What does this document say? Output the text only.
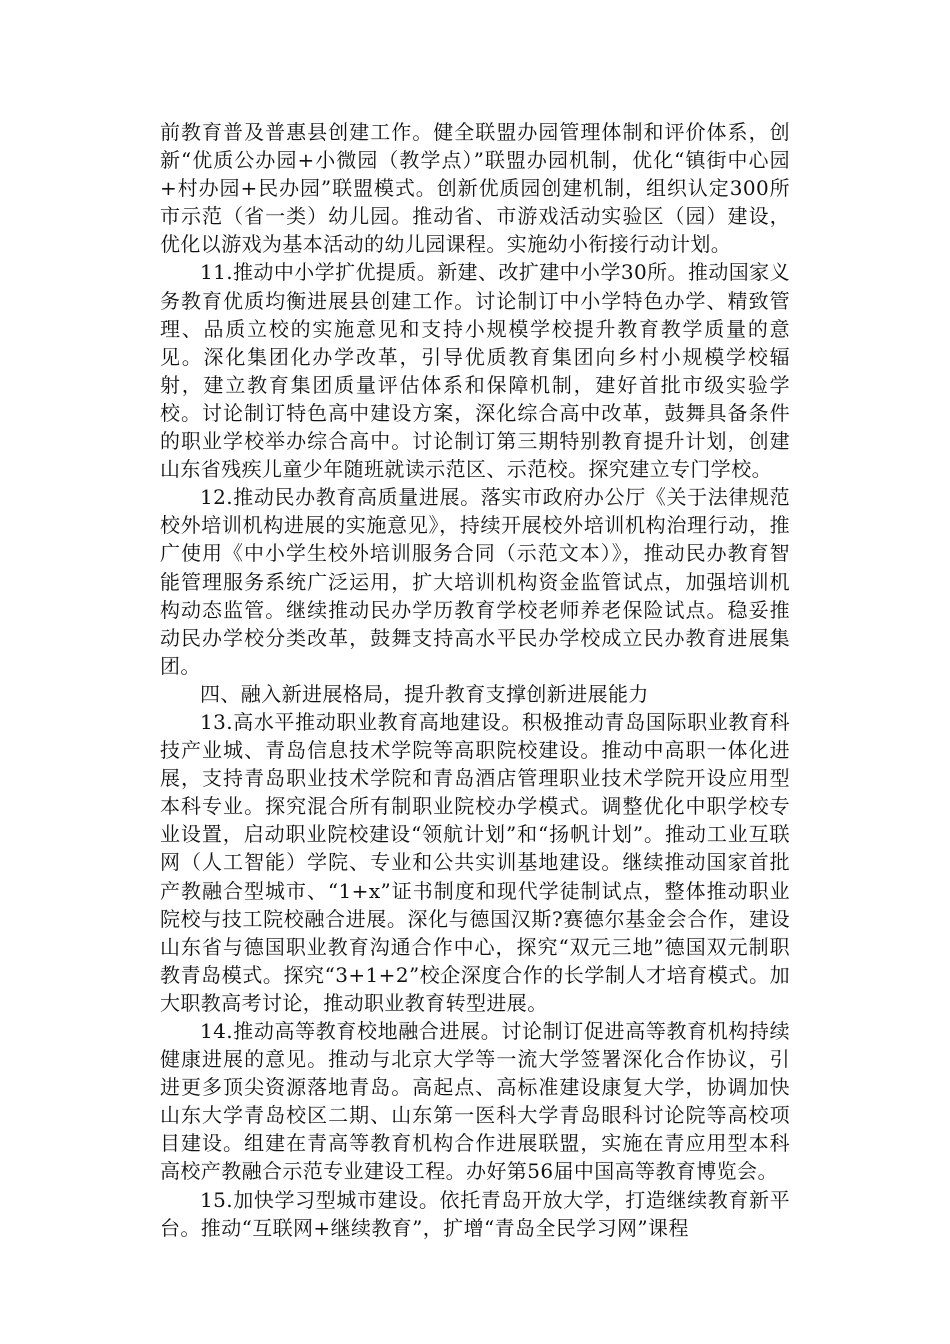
前教育普及普惠县创建工作。健全联盟办园管理体制和评价体系，创新“优质公办园+小微园（教学点）”联盟办园机制，优化“镇街中心园+村办园+民办园”联盟模式。创新优质园创建机制，组织认定300所市示范（省一类）幼儿园。推动省、市游戏活动实验区（园）建设，优化以游戏为基本活动的幼儿园课程。实施幼小衔接行动计划。

11.推动中小学扩优提质。新建、改扩建中小学30所。推动国家义务教育优质均衡进展县创建工作。讨论制订中小学特色办学、精致管理、品质立校的实施意见和支持小规模学校提升教育教学质量的意见。深化集团化办学改革，引导优质教育集团向乡村小规模学校辐射，建立教育集团质量评估体系和保障机制，建好首批市级实验学校。讨论制订特色高中建设方案，深化综合高中改革，鼓舞具备条件的职业学校举办综合高中。讨论制订第三期特别教育提升计划，创建山东省残疾儿童少年随班就读示范区、示范校。探究建立专门学校。

12.推动民办教育高质量进展。落实市政府办公厅《关于法律规范校外培训机构进展的实施意见》，持续开展校外培训机构治理行动，推广使用《中小学生校外培训服务合同（示范文本）》，推动民办教育智能管理服务系统广泛运用，扩大培训机构资金监管试点，加强培训机构动态监管。继续推动民办学历教育学校老师养老保险试点。稳妥推动民办学校分类改革，鼓舞支持高水平民办学校成立民办教育进展集团。

四、融入新进展格局，提升教育支撑创新进展能力

13.高水平推动职业教育高地建设。积极推动青岛国际职业教育科技产业城、青岛信息技术学院等高职院校建设。推动中高职一体化进展，支持青岛职业技术学院和青岛酒店管理职业技术学院开设应用型本科专业。探究混合所有制职业院校办学模式。调整优化中职学校专业设置，启动职业院校建设“领航计划”和“扬帆计划”。推动工业互联网（人工智能）学院、专业和公共实训基地建设。继续推动国家首批产教融合型城市、“1+x”证书制度和现代学徒制试点，整体推动职业院校与技工院校融合进展。深化与德国汉斯?赛德尔基金会合作，建设山东省与德国职业教育沟通合作中心，探究“双元三地”德国双元制职教青岛模式。探究“3+1+2”校企深度合作的长学制人才培育模式。加大职教高考讨论，推动职业教育转型进展。

14.推动高等教育校地融合进展。讨论制订促进高等教育机构持续健康进展的意见。推动与北京大学等一流大学签署深化合作协议，引进更多顶尖资源落地青岛。高起点、高标准建设康复大学，协调加快山东大学青岛校区二期、山东第一医科大学青岛眼科讨论院等高校项目建设。组建在青高等教育机构合作进展联盟，实施在青应用型本科高校产教融合示范专业建设工程。办好第56届中国高等教育博览会。

15.加快学习型城市建设。依托青岛开放大学，打造继续教育新平台。推动“互联网+继续教育”，扩增“青岛全民学习网”课程
